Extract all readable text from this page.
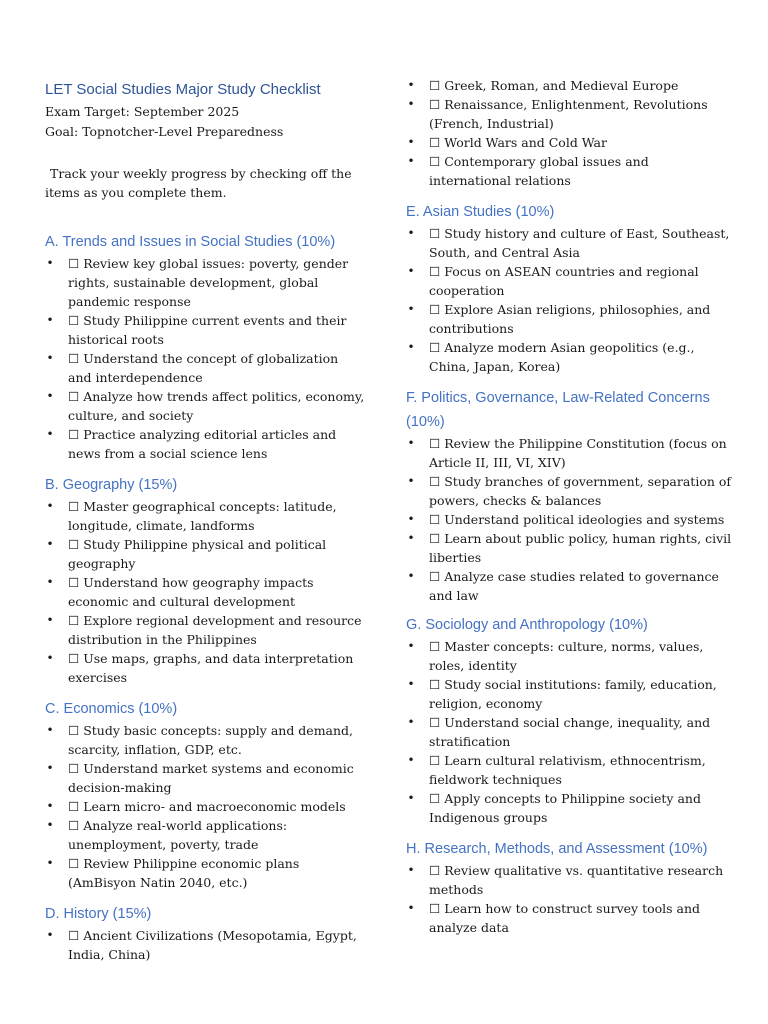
LET Social Studies Major Study Checklist

Exam Target: September 2025

Goal: Topnotcher-Level Preparedness

Track your weekly progress by checking off the items as you complete them.

A. Trends and Issues in Social Studies (10%)
• ☐ Review key global issues: poverty, gender rights, sustainable development, global pandemic response
• ☐ Study Philippine current events and their historical roots
• ☐ Understand the concept of globalization and interdependence
• ☐ Analyze how trends affect politics, economy, culture, and society
• ☐ Practice analyzing editorial articles and news from a social science lens
B. Geography (15%)
• ☐ Master geographical concepts: latitude, longitude, climate, landforms
• ☐ Study Philippine physical and political geography
• ☐ Understand how geography impacts economic and cultural development
• ☐ Explore regional development and resource distribution in the Philippines
• ☐ Use maps, graphs, and data interpretation exercises
C. Economics (10%)
• ☐ Study basic concepts: supply and demand, scarcity, inflation, GDP, etc.
• ☐ Understand market systems and economic decision-making
• ☐ Learn micro- and macroeconomic models
• ☐ Analyze real-world applications: unemployment, poverty, trade
• ☐ Review Philippine economic plans (AmBisyon Natin 2040, etc.)
D. History (15%)
• ☐ Ancient Civilizations (Mesopotamia, Egypt, India, China)
• ☐ Greek, Roman, and Medieval Europe
• ☐ Renaissance, Enlightenment, Revolutions (French, Industrial)
• ☐ World Wars and Cold War
• ☐ Contemporary global issues and international relations
E. Asian Studies (10%)
• ☐ Study history and culture of East, Southeast, South, and Central Asia
• ☐ Focus on ASEAN countries and regional cooperation
• ☐ Explore Asian religions, philosophies, and contributions
• ☐ Analyze modern Asian geopolitics (e.g., China, Japan, Korea)
F. Politics, Governance, Law-Related Concerns (10%)
• ☐ Review the Philippine Constitution (focus on Article II, III, VI, XIV)
• ☐ Study branches of government, separation of powers, checks & balances
• ☐ Understand political ideologies and systems
• ☐ Learn about public policy, human rights, civil liberties
• ☐ Analyze case studies related to governance and law
G. Sociology and Anthropology (10%)
• ☐ Master concepts: culture, norms, values, roles, identity
• ☐ Study social institutions: family, education, religion, economy
• ☐ Understand social change, inequality, and stratification
• ☐ Learn cultural relativism, ethnocentrism, fieldwork techniques
• ☐ Apply concepts to Philippine society and Indigenous groups
H. Research, Methods, and Assessment (10%)
• ☐ Review qualitative vs. quantitative research methods
• ☐ Learn how to construct survey tools and analyze data
